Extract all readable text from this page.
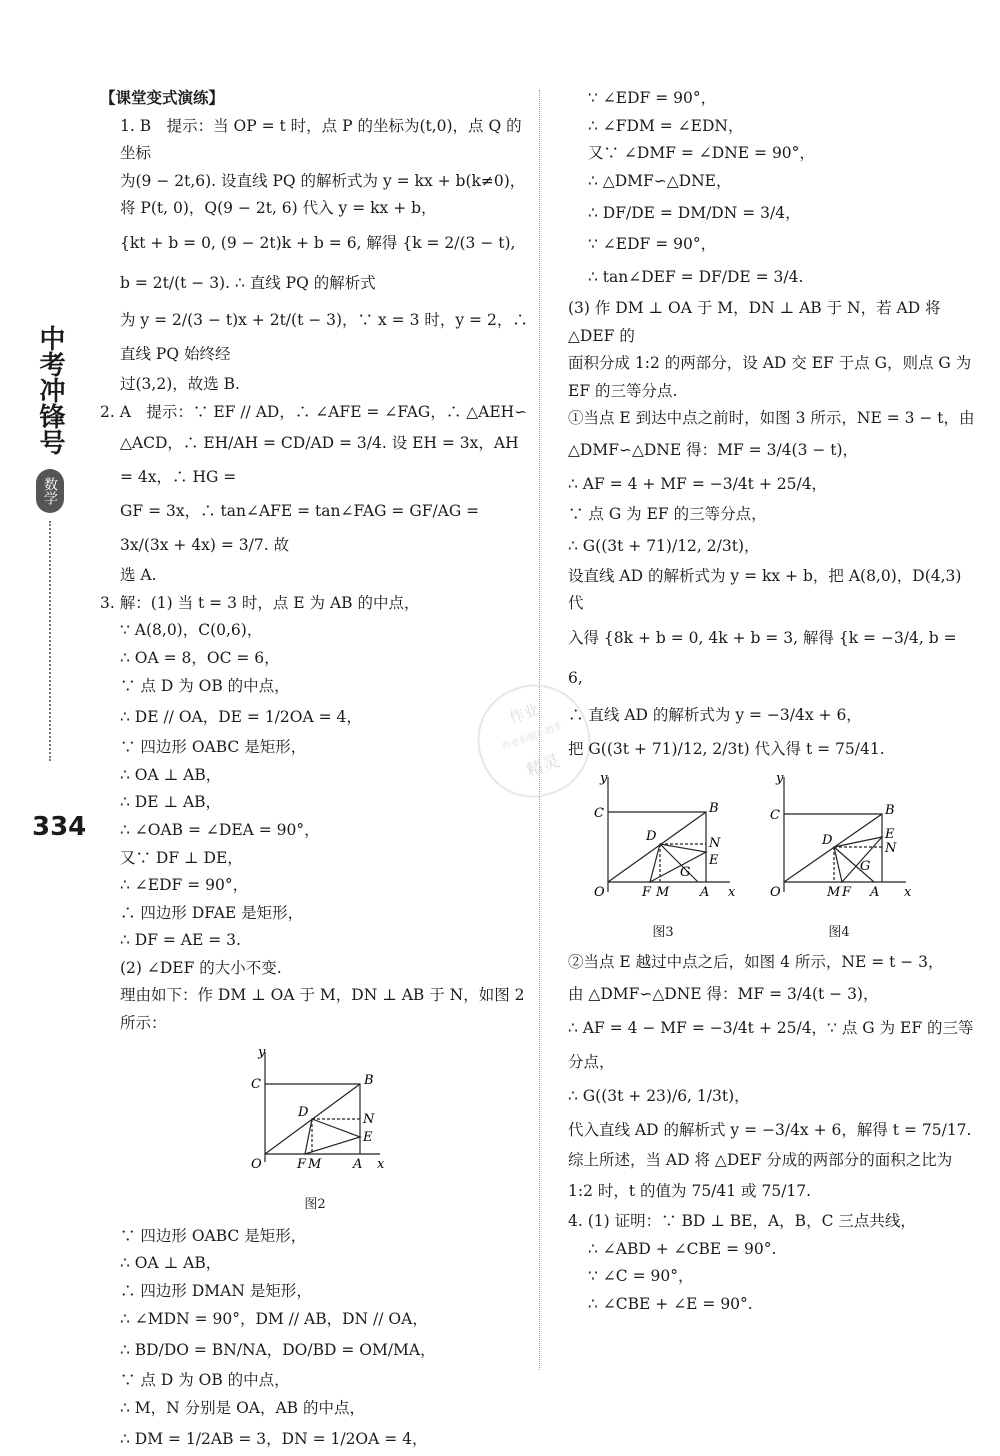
中考冲锋号
数学
334
作业
作业拍照小助手
精灵

【课堂变式演练】

1. B　提示：当 OP = t 时，点 P 的坐标为(t,0)，点 Q 的坐标

为(9 − 2t,6). 设直线 PQ 的解析式为 y = kx + b(k≠0)，

将 P(t, 0)，Q(9 − 2t, 6) 代入 y = kx + b，

{kt + b = 0, (9 − 2t)k + b = 6, 解得 {k = 2/(3 − t), b = 2t/(t − 3). ∴ 直线 PQ 的解析式

为 y = 2/(3 − t)x + 2t/(t − 3)，∵ x = 3 时，y = 2，∴ 直线 PQ 始终经

过(3,2)，故选 B.

2. A　提示：∵ EF // AD，∴ ∠AFE = ∠FAG，∴ △AEH∽

△ACD，∴ EH/AH = CD/AD = 3/4. 设 EH = 3x，AH = 4x，∴ HG =

GF = 3x，∴ tan∠AFE = tan∠FAG = GF/AG = 3x/(3x + 4x) = 3/7. 故

选 A.

3. 解：(1) 当 t = 3 时，点 E 为 AB 的中点，

∵ A(8,0)，C(0,6)，

∴ OA = 8，OC = 6，

∵ 点 D 为 OB 的中点，

∴ DE // OA，DE = 1/2OA = 4，

∵ 四边形 OABC 是矩形，

∴ OA ⊥ AB，

∴ DE ⊥ AB，

∴ ∠OAB = ∠DEA = 90°，

又∵ DF ⊥ DE，

∴ ∠EDF = 90°，

∴ 四边形 DFAE 是矩形，

∴ DF = AE = 3.

(2) ∠DEF 的大小不变.

理由如下：作 DM ⊥ OA 于 M，DN ⊥ AB 于 N，如图 2 所示：

y
x
O	A
B
C
D	N
E
F M
图2

∵ 四边形 OABC 是矩形，

∴ OA ⊥ AB，

∴ 四边形 DMAN 是矩形，

∴ ∠MDN = 90°，DM // AB，DN // OA，

∴ BD/DO = BN/NA，DO/BD = OM/MA，

∵ 点 D 为 OB 的中点，

∴ M，N 分别是 OA，AB 的中点，

∴ DM = 1/2AB = 3，DN = 1/2OA = 4，

∵ ∠EDF = 90°，

∴ ∠FDM = ∠EDN，

又∵ ∠DMF = ∠DNE = 90°，

∴ △DMF∽△DNE，

∴ DF/DE = DM/DN = 3/4，

∵ ∠EDF = 90°，

∴ tan∠DEF = DF/DE = 3/4.

(3) 作 DM ⊥ OA 于 M，DN ⊥ AB 于 N，若 AD 将 △DEF 的

面积分成 1:2 的两部分，设 AD 交 EF 于点 G，则点 G 为

EF 的三等分点.

①当点 E 到达中点之前时，如图 3 所示，NE = 3 − t，由

△DMF∽△DNE 得：MF = 3/4(3 − t)，

∴ AF = 4 + MF = −3/4t + 25/4，

∵ 点 G 为 EF 的三等分点，

∴ G((3t + 71)/12, 2/3t)，

设直线 AD 的解析式为 y = kx + b，把 A(8,0)，D(4,3) 代

入得 {8k + b = 0, 4k + b = 3, 解得 {k = −3/4, b = 6,

∴ 直线 AD 的解析式为 y = −3/4x + 6，

把 G((3t + 71)/12, 2/3t) 代入得 t = 75/41.

y
x
O	A
B
C
D	N
E
F M
G
图3
y
x
O	A
B
C
D
N
E
F
M
G
图4

②当点 E 越过中点之后，如图 4 所示，NE = t − 3，

由 △DMF∽△DNE 得：MF = 3/4(t − 3)，

∴ AF = 4 − MF = −3/4t + 25/4，∵ 点 G 为 EF 的三等分点，

∴ G((3t + 23)/6, 1/3t)，

代入直线 AD 的解析式 y = −3/4x + 6，解得 t = 75/17.

综上所述，当 AD 将 △DEF 分成的两部分的面积之比为

1:2 时，t 的值为 75/41 或 75/17.

4. (1) 证明：∵ BD ⊥ BE，A，B，C 三点共线，

∴ ∠ABD + ∠CBE = 90°.

∵ ∠C = 90°，

∴ ∠CBE + ∠E = 90°.
